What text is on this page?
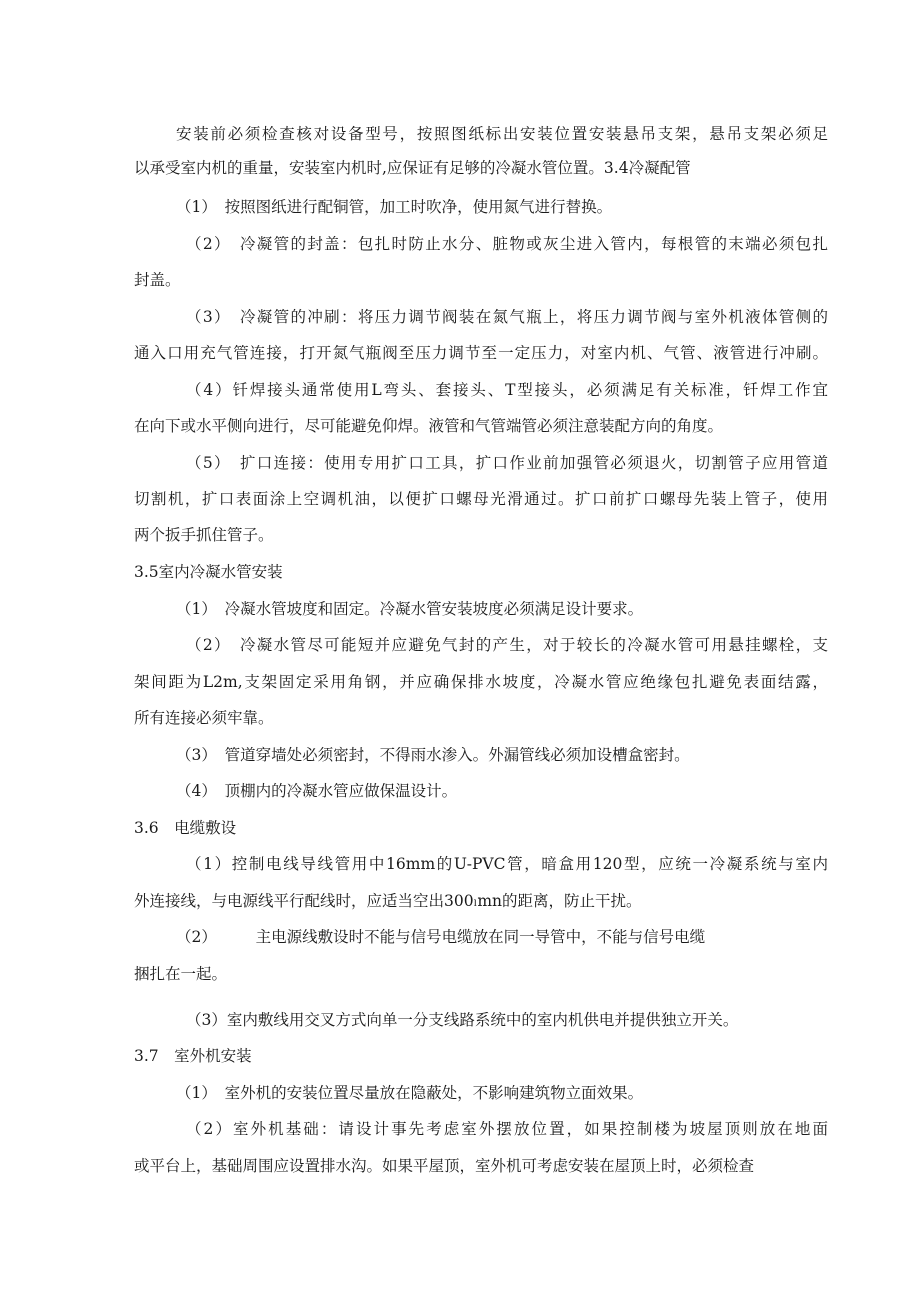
安装前必须检查核对设备型号，按照图纸标出安装位置安装悬吊支架，悬吊支架必须足
以承受室内机的重量，安装室内机时,应保证有足够的冷凝水管位置。3.4冷凝配管
（1）　按照图纸进行配铜管，加工时吹净，使用氮气进行替换。
（2）　冷凝管的封盖：包扎时防止水分、脏物或灰尘进入管内，每根管的末端必须包扎
封盖。
（3）　冷凝管的冲刷：将压力调节阀装在氮气瓶上，将压力调节阀与室外机液体管侧的
通入口用充气管连接，打开氮气瓶阀至压力调节至一定压力，对室内机、气管、液管进行冲刷。
（4）钎焊接头通常使用L弯头、套接头、T型接头，必须满足有关标准，钎焊工作宜
在向下或水平侧向进行，尽可能避免仰焊。液管和气管端管必须注意装配方向的角度。
（5）　扩口连接：使用专用扩口工具，扩口作业前加强管必须退火，切割管子应用管道
切割机，扩口表面涂上空调机油，以便扩口螺母光滑通过。扩口前扩口螺母先装上管子，使用
两个扳手抓住管子。
3.5室内冷凝水管安装
（1）　冷凝水管坡度和固定。冷凝水管安装坡度必须满足设计要求。
（2）　冷凝水管尽可能短并应避免气封的产生，对于较长的冷凝水管可用悬挂螺栓，支
架间距为L2m,支架固定采用角钢，并应确保排水坡度，冷凝水管应绝缘包扎避免表面结露，
所有连接必须牢靠。
（3）　管道穿墙处必须密封，不得雨水渗入。外漏管线必须加设槽盒密封。
（4）　顶棚内的冷凝水管应做保温设计。
3.6　电缆敷设
（1）控制电线导线管用中16mm的U-PVC管，暗盒用120型，应统一冷凝系统与室内
外连接线，与电源线平行配线时，应适当空出300ₗmn的距离，防止干扰。
（2）　　　主电源线敷设时不能与信号电缆放在同一导管中，不能与信号电缆
捆扎在一起。
（3）室内敷线用交叉方式向单一分支线路系统中的室内机供电并提供独立开关。
3.7　室外机安装
（1）　室外机的安装位置尽量放在隐蔽处，不影响建筑物立面效果。
（2）室外机基础：请设计事先考虑室外摆放位置，如果控制楼为坡屋顶则放在地面
或平台上，基础周围应设置排水沟。如果平屋顶，室外机可考虑安装在屋顶上时，必须检查
